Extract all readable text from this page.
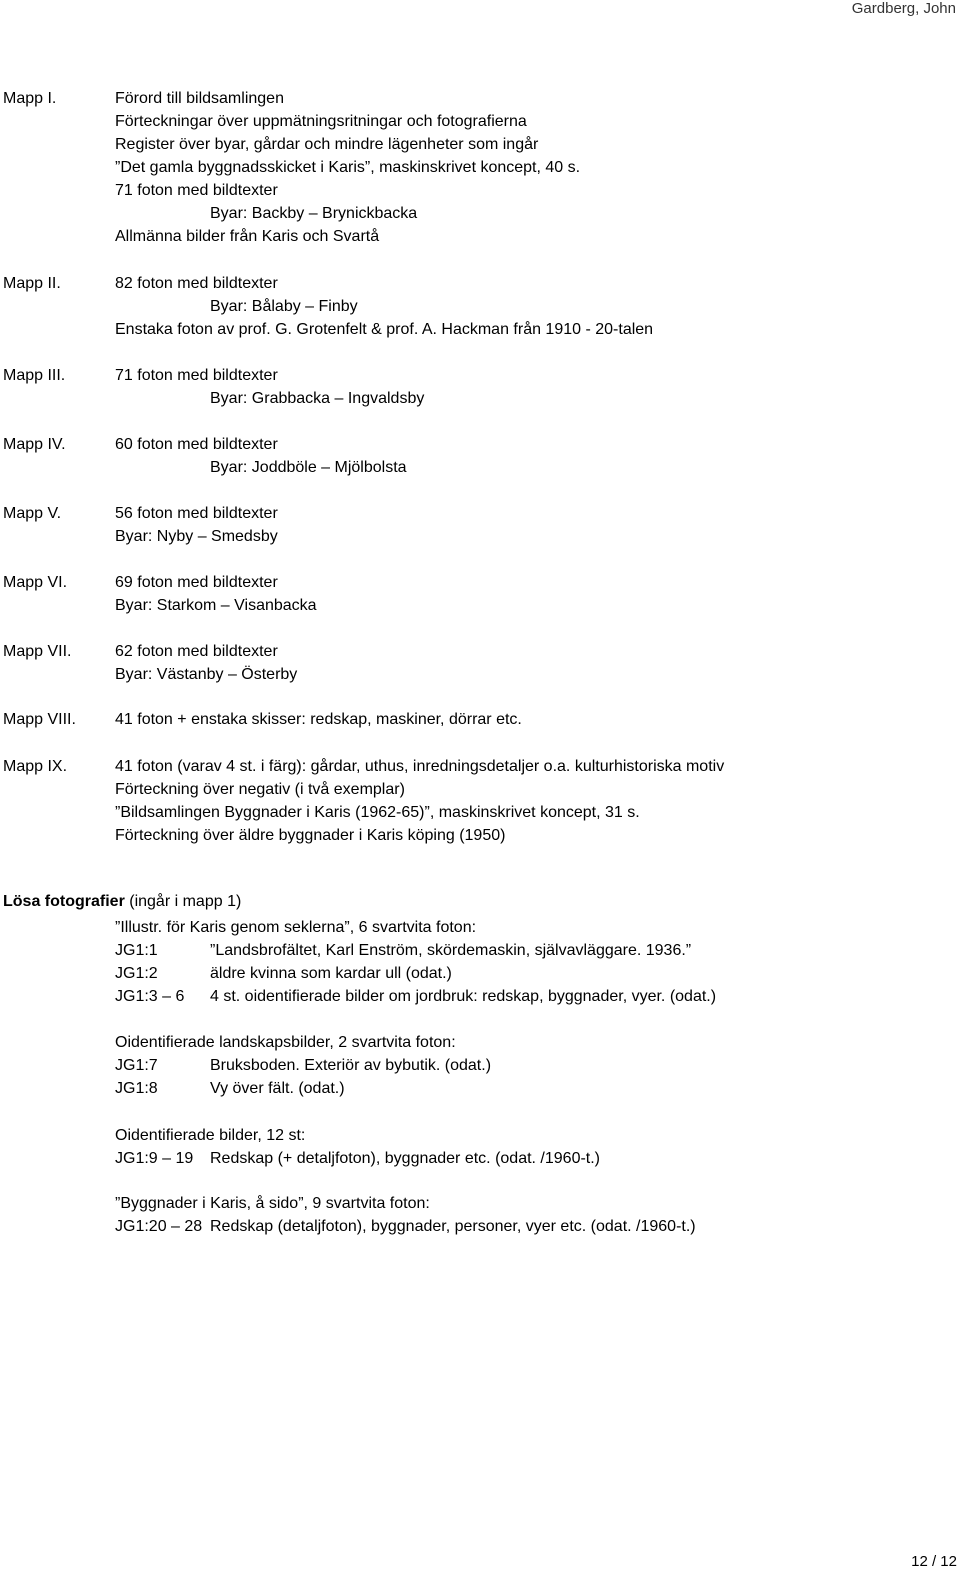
Gardberg, John
Mapp I.	Förord till bildsamlingen
Förteckningar över uppmätningsritningar och fotografierna
Register över byar, gårdar och mindre lägenheter som ingår
”Det gamla byggnadsskicket i Karis”, maskinskrivet koncept, 40 s.
71 foton med bildtexter
Byar: Backby – Brynickbacka
Allmänna bilder från Karis och Svartå
Mapp II.	82 foton med bildtexter
Byar: Bålaby – Finby
Enstaka foton av prof. G. Grotenfelt & prof. A. Hackman från 1910 - 20-talen
Mapp III.	71 foton med bildtexter
Byar: Grabbacka – Ingvaldsby
Mapp IV.	60 foton med bildtexter
Byar: Joddböle – Mjölbolsta
Mapp V.	56 foton med bildtexter
Byar: Nyby – Smedsby
Mapp VI.	69 foton med bildtexter
Byar: Starkom – Visanbacka
Mapp VII.	62 foton med bildtexter
Byar: Västanby – Österby
Mapp VIII. 41 foton + enstaka skisser: redskap, maskiner, dörrar etc.
Mapp IX.	41 foton (varav 4 st. i färg): gårdar, uthus, inredningsdetaljer o.a. kulturhistoriska motiv
Förteckning över negativ (i två exemplar)
”Bildsamlingen Byggnader i Karis (1962-65)”, maskinskrivet koncept, 31 s.
Förteckning över äldre byggnader i Karis köping (1950)
Lösa fotografier (ingår i mapp 1)
”Illustr. för Karis genom seklerna”, 6 svartvita foton:
JG1:1	”Landsbrofältet, Karl Enström, skördemaskin, självavläggare. 1936.”
JG1:2	äldre kvinna som kardar ull (odat.)
JG1:3 – 6 4 st. oidentifierade bilder om jordbruk: redskap, byggnader, vyer. (odat.)
Oidentifierade landskapsbilder, 2 svartvita foton:
JG1:7	Bruksboden. Exteriör av bybutik. (odat.)
JG1:8	Vy över fält. (odat.)
Oidentifierade bilder, 12 st:
JG1:9 – 19 Redskap (+ detaljfoton), byggnader etc. (odat. /1960-t.)
”Byggnader i Karis, å sido”, 9 svartvita foton:
JG1:20 – 28 Redskap (detaljfoton), byggnader, personer, vyer etc. (odat. /1960-t.)
12 / 12
